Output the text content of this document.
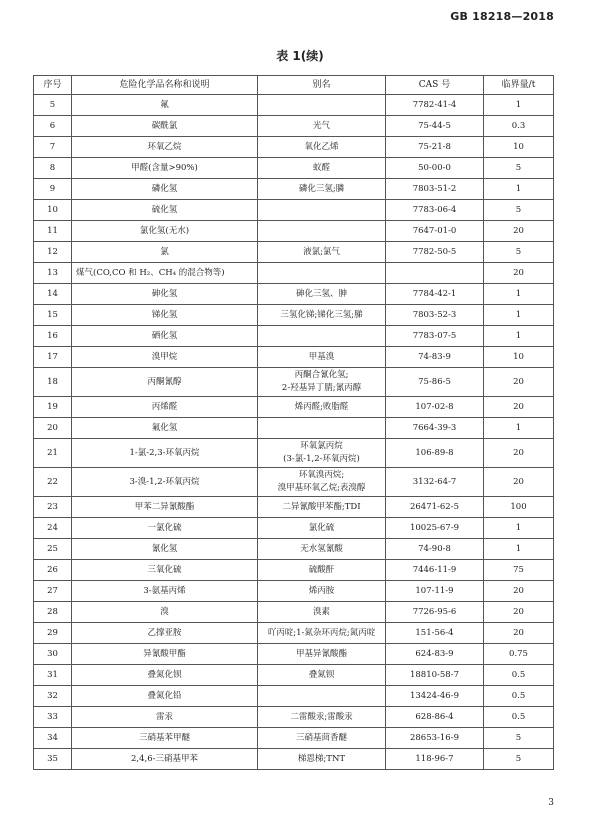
GB 18218—2018
表 1(续)
序号	危险化学品名称和说明	别名	CAS 号	临界量/t
5	氟		7782-41-4	1
6	碳酰氯	光气	75-44-5	0.3
7	环氧乙烷	氧化乙烯	75-21-8	10
8	甲醛(含量>90%)	蚁醛	50-00-0	5
9	磷化氢	磷化三氢;膦	7803-51-2	1
10	硫化氢		7783-06-4	5
11	氯化氢(无水)		7647-01-0	20
12	氯	液氯;氯气	7782-50-5	5
13	煤气(CO,CO 和 H₂、CH₄ 的混合物等)			20
14	砷化氢	砷化三氢、胂	7784-42-1	1
15	锑化氢	三氢化锑;锑化三氢;䏲	7803-52-3	1
16	硒化氢		7783-07-5	1
17	溴甲烷	甲基溴	74-83-9	10
18	丙酮氰醇	丙酮合氰化氢;
2-羟基异丁腈;氰丙醇	75-86-5	20
19	丙烯醛	烯丙醛;败脂醛	107-02-8	20
20	氟化氢		7664-39-3	1
21	1-氯-2,3-环氧丙烷	环氧氯丙烷
(3-氯-1,2-环氧丙烷)	106-89-8	20
22	3-溴-1,2-环氧丙烷	环氧溴丙烷;
溴甲基环氧乙烷;表溴醇	3132-64-7	20
23	甲苯二异氰酸酯	二异氰酸甲苯酯;TDI	26471-62-5	100
24	一氯化硫	氯化硫	10025-67-9	1
25	氰化氢	无水氢氰酸	74-90-8	1
26	三氧化硫	硫酸酐	7446-11-9	75
27	3-氨基丙烯	烯丙胺	107-11-9	20
28	溴	溴素	7726-95-6	20
29	乙撑亚胺	吖丙啶;1-氮杂环丙烷;氮丙啶	151-56-4	20
30	异氰酸甲酯	甲基异氰酸酯	624-83-9	0.75
31	叠氮化钡	叠氮钡	18810-58-7	0.5
32	叠氮化铅		13424-46-9	0.5
33	雷汞	二雷酸汞;雷酸汞	628-86-4	0.5
34	三硝基苯甲醚	三硝基茴香醚	28653-16-9	5
35	2,4,6-三硝基甲苯	梯恩梯;TNT	118-96-7	5
3
